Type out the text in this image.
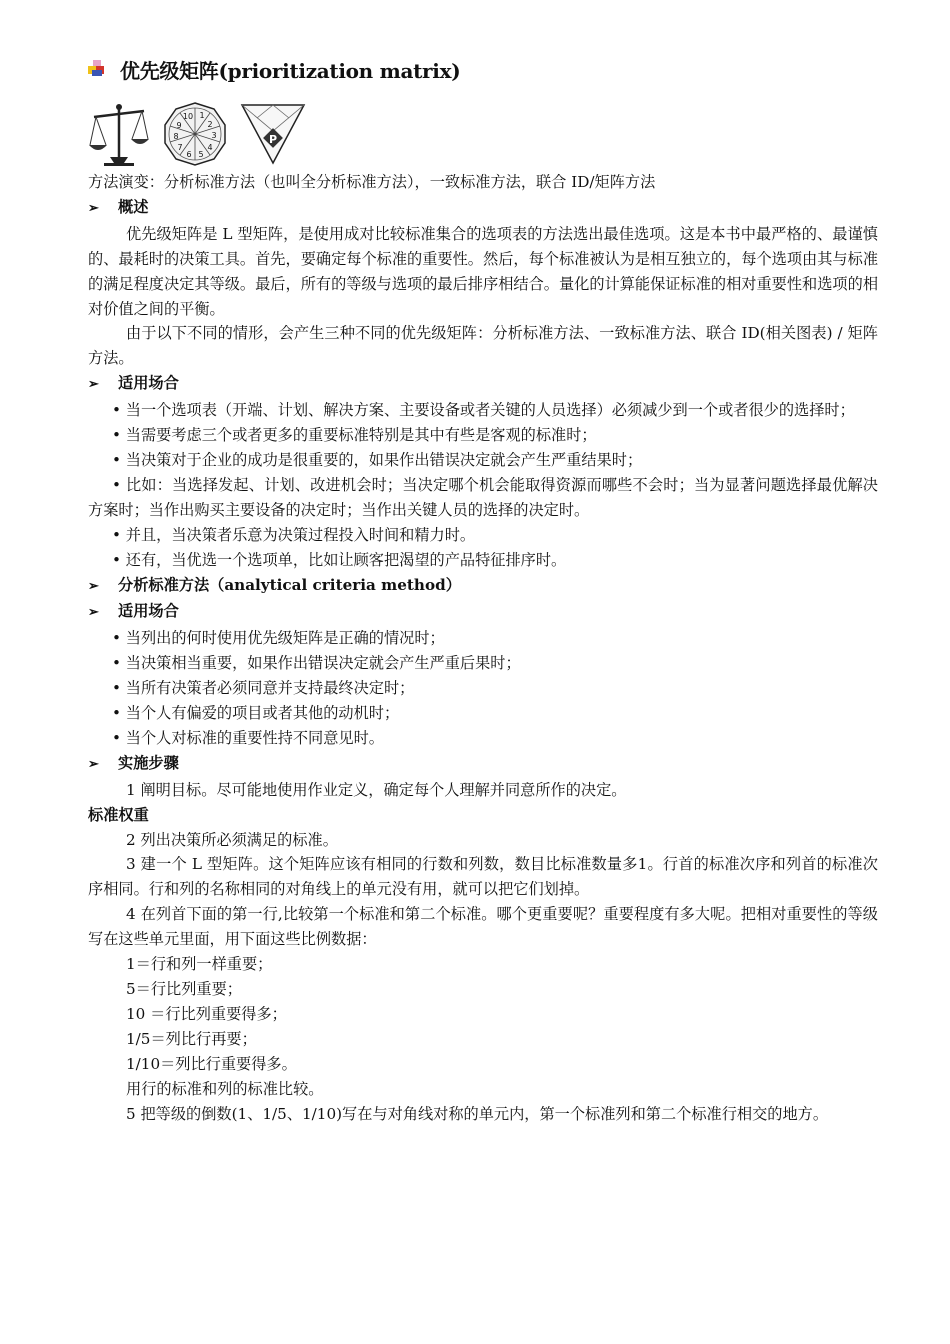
优先级矩阵(prioritization matrix)
10 1
2
9
3
8
4
7
6 5
P
方法演变：分析标准方法（也叫全分析标准方法），一致标准方法，联合 ID/矩阵方法
➢ 概述
优先级矩阵是 L 型矩阵，是使用成对比较标准集合的选项表的方法选出最佳选项。这是本书中最严格的、最谨慎的、最耗时的决策工具。首先，要确定每个标准的重要性。然后，每个标准被认为是相互独立的，每个选项由其与标准的满足程度决定其等级。最后，所有的等级与选项的最后排序相结合。量化的计算能保证标准的相对重要性和选项的相对价值之间的平衡。
由于以下不同的情形，会产生三种不同的优先级矩阵：分析标准方法、一致标准方法、联合 ID(相关图表) / 矩阵方法。
➢ 适用场合
• 当一个选项表（开端、计划、解决方案、主要设备或者关键的人员选择）必须减少到一个或者很少的选择时；
• 当需要考虑三个或者更多的重要标准特别是其中有些是客观的标准时；
• 当决策对于企业的成功是很重要的，如果作出错误决定就会产生严重结果时；
• 比如：当选择发起、计划、改进机会时；当决定哪个机会能取得资源而哪些不会时；当为显著问题选择最优解决方案时；当作出购买主要设备的决定时；当作出关键人员的选择的决定时。
• 并且，当决策者乐意为决策过程投入时间和精力时。
• 还有，当优选一个选项单，比如让顾客把渴望的产品特征排序时。
➢ 分析标准方法（analytical criteria method）
➢ 适用场合
• 当列出的何时使用优先级矩阵是正确的情况时；
• 当决策相当重要，如果作出错误决定就会产生严重后果时；
• 当所有决策者必须同意并支持最终决定时；
• 当个人有偏爱的项目或者其他的动机时；
• 当个人对标准的重要性持不同意见时。
➢ 实施步骤
1 阐明目标。尽可能地使用作业定义，确定每个人理解并同意所作的决定。
标准权重
2 列出决策所必须满足的标准。
3 建一个 L 型矩阵。这个矩阵应该有相同的行数和列数，数目比标准数量多1。行首的标准次序和列首的标准次序相同。行和列的名称相同的对角线上的单元没有用，就可以把它们划掉。
4 在列首下面的第一行,比较第一个标准和第二个标准。哪个更重要呢？重要程度有多大呢。把相对重要性的等级写在这些单元里面，用下面这些比例数据：
1＝行和列一样重要；
5＝行比列重要；
10 ＝行比列重要得多；
1/5＝列比行再要；
1/10＝列比行重要得多。
用行的标准和列的标准比较。
5 把等级的倒数(1、1/5、1/10)写在与对角线对称的单元内，第一个标准列和第二个标准行相交的地方。
